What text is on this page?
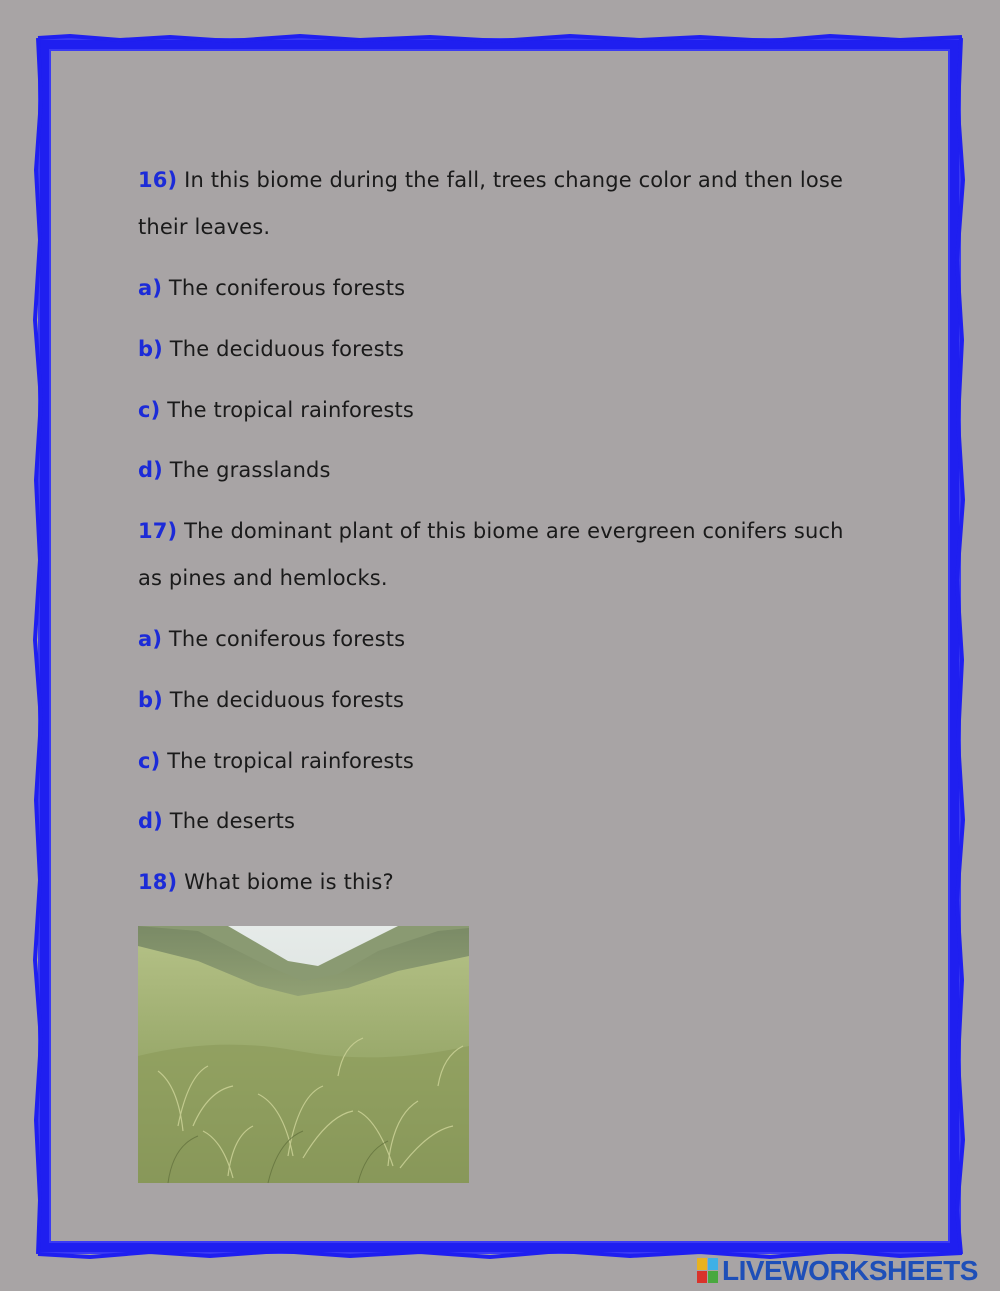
16) In this biome during the fall, trees change color and then lose
their leaves.
a) The coniferous forests
b) The deciduous forests
c) The tropical rainforests
d) The grasslands
17) The dominant plant of this biome are evergreen conifers such
as pines and hemlocks.
a) The coniferous forests
b) The deciduous forests
c) The tropical rainforests
d) The deserts
18) What biome is this?
LIVEWORKSHEETS
